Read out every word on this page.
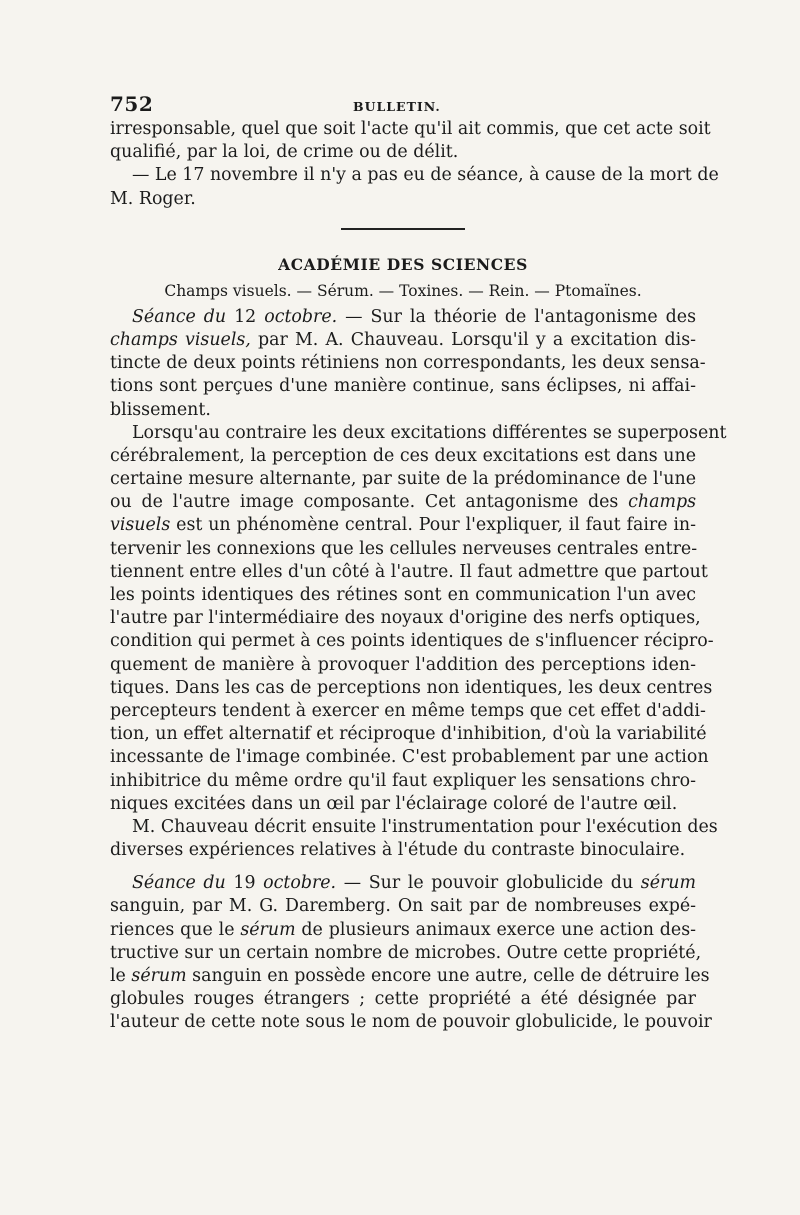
752	BULLETIN.
irresponsable, quel que soit l'acte qu'il ait commis, que cet acte soit
qualifié, par la loi, de crime ou de délit.
— Le 17 novembre il n'y a pas eu de séance, à cause de la mort de
M. Roger.
ACADÉMIE DES SCIENCES
Champs visuels. — Sérum. — Toxines. — Rein. — Ptomaïnes.
Séance du 12 octobre. — Sur la théorie de l'antagonisme des
champs visuels, par M. A. Chauveau. Lorsqu'il y a excitation dis-
tincte de deux points rétiniens non correspondants, les deux sensa-
tions sont perçues d'une manière continue, sans éclipses, ni affai-
blissement.
Lorsqu'au contraire les deux excitations différentes se superposent
cérébralement, la perception de ces deux excitations est dans une
certaine mesure alternante, par suite de la prédominance de l'une
ou de l'autre image composante. Cet antagonisme des champs
visuels est un phénomène central. Pour l'expliquer, il faut faire in-
tervenir les connexions que les cellules nerveuses centrales entre-
tiennent entre elles d'un côté à l'autre. Il faut admettre que partout
les points identiques des rétines sont en communication l'un avec
l'autre par l'intermédiaire des noyaux d'origine des nerfs optiques,
condition qui permet à ces points identiques de s'influencer récipro-
quement de manière à provoquer l'addition des perceptions iden-
tiques. Dans les cas de perceptions non identiques, les deux centres
percepteurs tendent à exercer en même temps que cet effet d'addi-
tion, un effet alternatif et réciproque d'inhibition, d'où la variabilité
incessante de l'image combinée. C'est probablement par une action
inhibitrice du même ordre qu'il faut expliquer les sensations chro-
niques excitées dans un œil par l'éclairage coloré de l'autre œil.
M. Chauveau décrit ensuite l'instrumentation pour l'exécution des
diverses expériences relatives à l'étude du contraste binoculaire.
Séance du 19 octobre. — Sur le pouvoir globulicide du sérum
sanguin, par M. G. Daremberg. On sait par de nombreuses expé-
riences que le sérum de plusieurs animaux exerce une action des-
tructive sur un certain nombre de microbes. Outre cette propriété,
le sérum sanguin en possède encore une autre, celle de détruire les
globules rouges étrangers ; cette propriété a été désignée par
l'auteur de cette note sous le nom de pouvoir globulicide, le pouvoir
